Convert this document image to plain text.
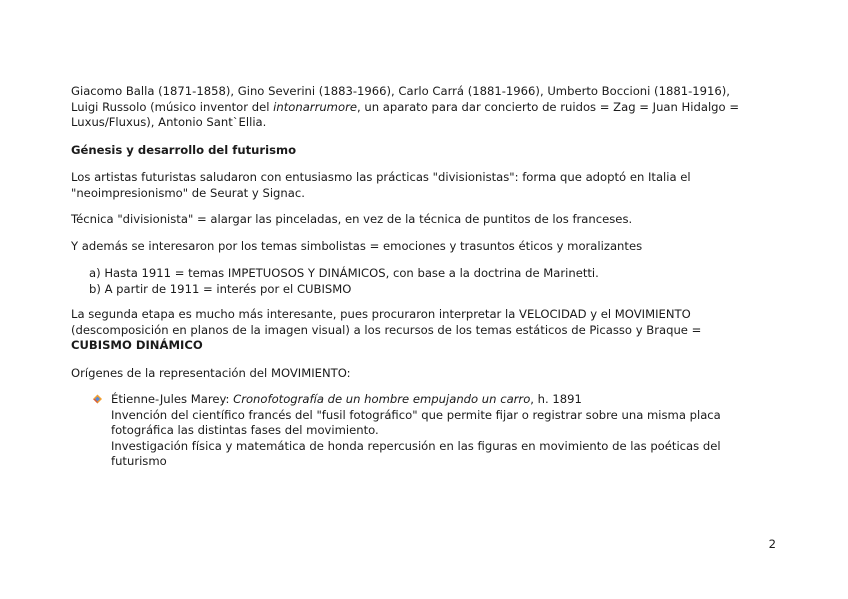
Giacomo Balla (1871-1858), Gino Severini (1883-1966), Carlo Carrá (1881-1966), Umberto Boccioni (1881-1916),
Luigi Russolo (músico inventor del intonarrumore, un aparato para dar concierto de ruidos = Zag = Juan Hidalgo =
Luxus/Fluxus), Antonio Sant`Ellia.

Génesis y desarrollo del futurismo

Los artistas futuristas saludaron con entusiasmo las prácticas "divisionistas": forma que adoptó en Italia el
"neoimpresionismo" de Seurat y Signac.

Técnica "divisionista" = alargar las pinceladas, en vez de la técnica de puntitos de los franceses.

Y además se interesaron por los temas simbolistas = emociones y trasuntos éticos y moralizantes

a) Hasta 1911 = temas IMPETUOSOS Y DINÁMICOS, con base a la doctrina de Marinetti.
b) A partir de 1911 = interés por el CUBISMO

La segunda etapa es mucho más interesante, pues procuraron interpretar la VELOCIDAD y el MOVIMIENTO
(descomposición en planos de la imagen visual) a los recursos de los temas estáticos de Picasso y Braque =
CUBISMO DINÁMICO

Orígenes de la representación del MOVIMIENTO:

Étienne-Jules Marey: Cronofotografía de un hombre empujando un carro, h. 1891
Invención del científico francés del "fusil fotográfico" que permite fijar o registrar sobre una misma placa
fotográfica las distintas fases del movimiento.
Investigación física y matemática de honda repercusión en las figuras en movimiento de las poéticas del
futurismo
2
